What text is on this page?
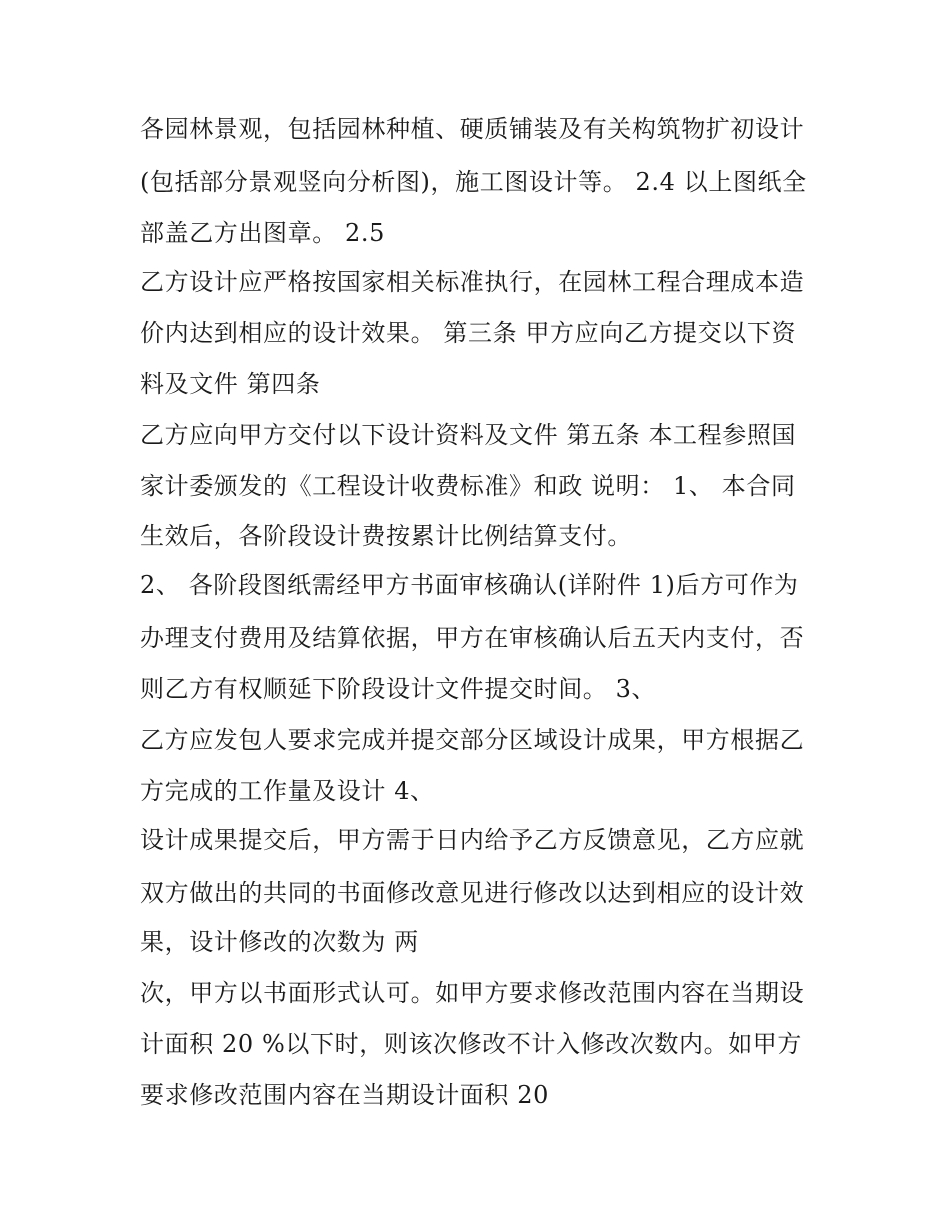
各园林景观，包括园林种植、硬质铺装及有关构筑物扩初设计
(包括部分景观竖向分析图)，施工图设计等。 2.4 以上图纸全
部盖乙方出图章。 2.5
乙方设计应严格按国家相关标准执行，在园林工程合理成本造
价内达到相应的设计效果。 第三条 甲方应向乙方提交以下资
料及文件 第四条
乙方应向甲方交付以下设计资料及文件 第五条 本工程参照国
家计委颁发的《工程设计收费标准》和政 说明： 1、 本合同
生效后，各阶段设计费按累计比例结算支付。
2、 各阶段图纸需经甲方书面审核确认(详附件 1)后方可作为
办理支付费用及结算依据，甲方在审核确认后五天内支付，否
则乙方有权顺延下阶段设计文件提交时间。 3、
乙方应发包人要求完成并提交部分区域设计成果，甲方根据乙
方完成的工作量及设计 4、
设计成果提交后，甲方需于日内给予乙方反馈意见，乙方应就
双方做出的共同的书面修改意见进行修改以达到相应的设计效
果，设计修改的次数为 两
次，甲方以书面形式认可。如甲方要求修改范围内容在当期设
计面积 20 %以下时，则该次修改不计入修改次数内。如甲方
要求修改范围内容在当期设计面积 20
